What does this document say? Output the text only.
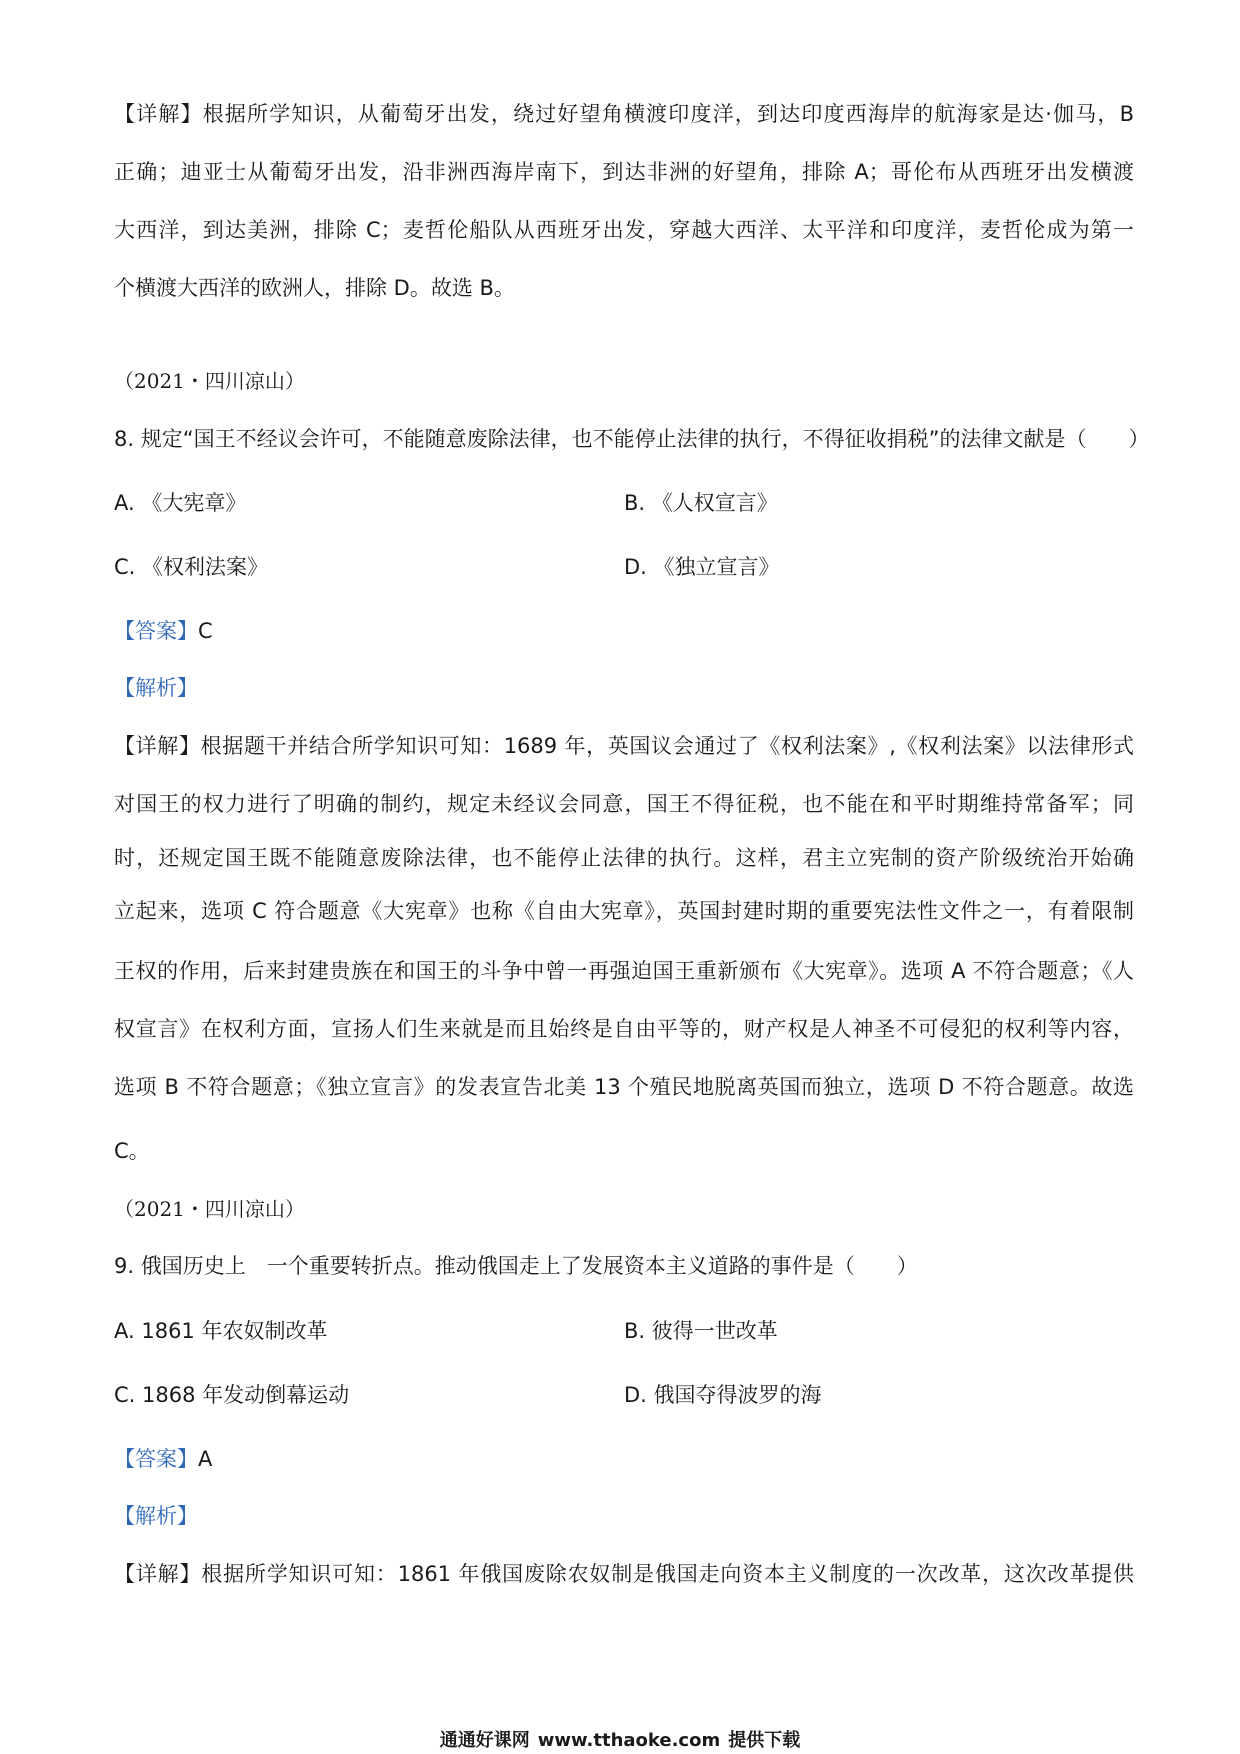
【详解】根据所学知识，从葡萄牙出发，绕过好望角横渡印度洋，到达印度西海岸的航海家是达·伽马，B
正确；迪亚士从葡萄牙出发，沿非洲西海岸南下，到达非洲的好望角，排除 A；哥伦布从西班牙出发横渡
大西洋，到达美洲，排除 C；麦哲伦船队从西班牙出发，穿越大西洋、太平洋和印度洋，麦哲伦成为第一
个横渡大西洋的欧洲人，排除 D。故选 B。
（2021・四川凉山）
8. 规定“国王不经议会许可，不能随意废除法律，也不能停止法律的执行，不得征收捐税”的法律文献是（　　）
A. 《大宪章》	B. 《人权宣言》
C. 《权利法案》	D. 《独立宣言》
【答案】C
【解析】
【详解】根据题干并结合所学知识可知：1689 年，英国议会通过了《权利法案》,《权利法案》以法律形式
对国王的权力进行了明确的制约，规定未经议会同意，国王不得征税，也不能在和平时期维持常备军；同
时，还规定国王既不能随意废除法律，也不能停止法律的执行。这样，君主立宪制的资产阶级统治开始确
立起来，选项 C 符合题意《大宪章》也称《自由大宪章》，英国封建时期的重要宪法性文件之一，有着限制
王权的作用，后来封建贵族在和国王的斗争中曾一再强迫国王重新颁布《大宪章》。选项 A 不符合题意；《人
权宣言》在权利方面，宣扬人们生来就是而且始终是自由平等的，财产权是人神圣不可侵犯的权利等内容，
选项 B 不符合题意；《独立宣言》的发表宣告北美 13 个殖民地脱离英国而独立，选项 D 不符合题意。故选
C。
（2021・四川凉山）
9. 俄国历史上　一个重要转折点。推动俄国走上了发展资本主义道路的事件是（　　）
A. 1861 年农奴制改革	B. 彼得一世改革
C. 1868 年发动倒幕运动	D. 俄国夺得波罗的海
【答案】A
【解析】
【详解】根据所学知识可知：1861 年俄国废除农奴制是俄国走向资本主义制度的一次改革，这次改革提供
通通好课网 www.tthaoke.com 提供下载
